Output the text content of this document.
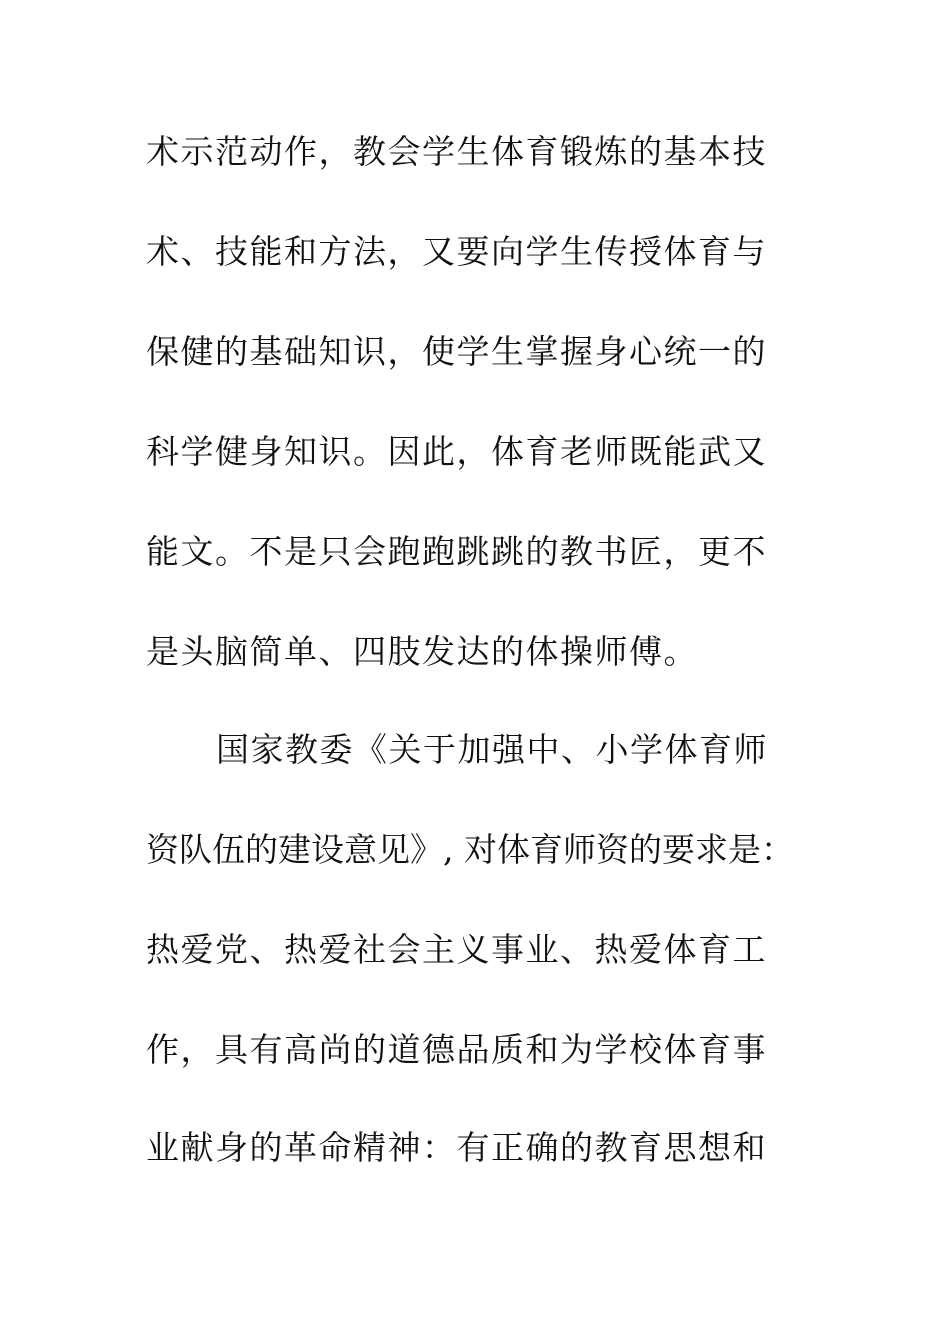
术示范动作，教会学生体育锻炼的基本技
术、技能和方法，又要向学生传授体育与
保健的基础知识，使学生掌握身心统一的
科学健身知识。因此，体育老师既能武又
能文。不是只会跑跑跳跳的教书匠，更不
是头脑简单、四肢发达的体操师傅。
国家教委《关于加强中、小学体育师
资队伍的建设意见》, 对体育师资的要求是：
热爱党、热爱社会主义事业、热爱体育工
作，具有高尚的道德品质和为学校体育事
业献身的革命精神：有正确的教育思想和
